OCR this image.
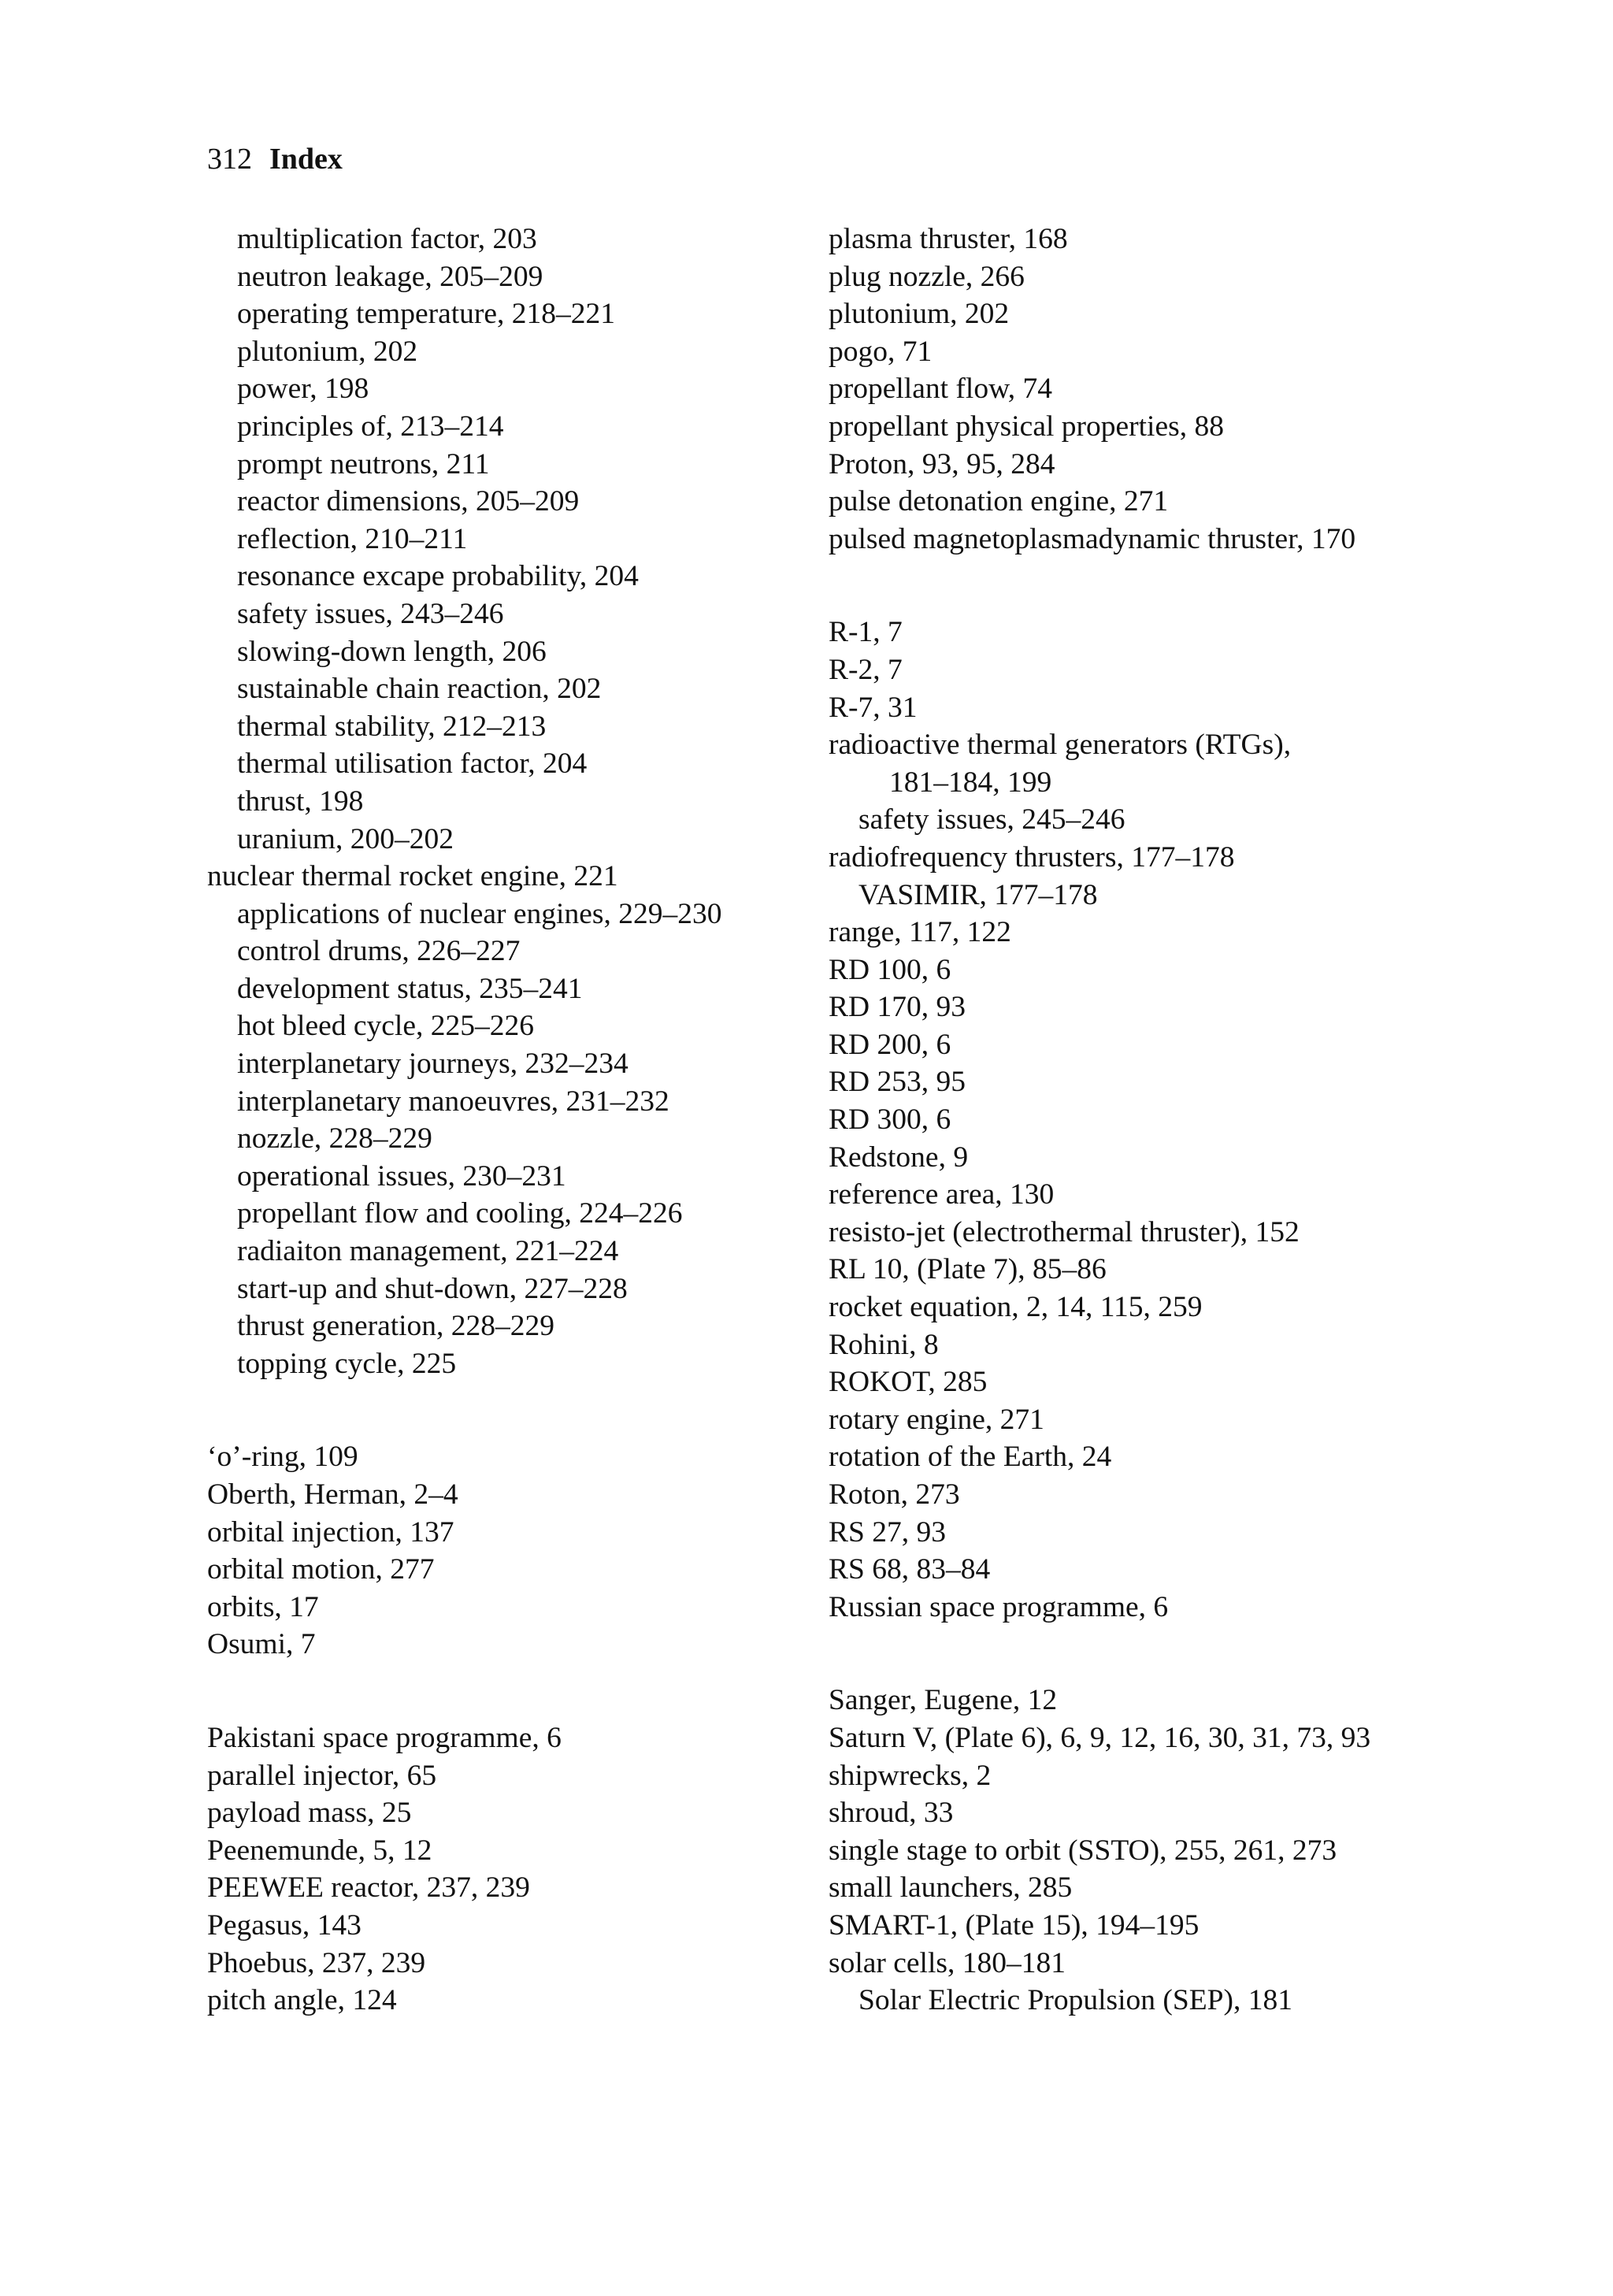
312 Index
multiplication factor, 203
neutron leakage, 205–209
operating temperature, 218–221
plutonium, 202
power, 198
principles of, 213–214
prompt neutrons, 211
reactor dimensions, 205–209
reflection, 210–211
resonance excape probability, 204
safety issues, 243–246
slowing-down length, 206
sustainable chain reaction, 202
thermal stability, 212–213
thermal utilisation factor, 204
thrust, 198
uranium, 200–202
nuclear thermal rocket engine, 221
applications of nuclear engines, 229–230
control drums, 226–227
development status, 235–241
hot bleed cycle, 225–226
interplanetary journeys, 232–234
interplanetary manoeuvres, 231–232
nozzle, 228–229
operational issues, 230–231
propellant flow and cooling, 224–226
radiaiton management, 221–224
start-up and shut-down, 227–228
thrust generation, 228–229
topping cycle, 225
‘o’-ring, 109
Oberth, Herman, 2–4
orbital injection, 137
orbital motion, 277
orbits, 17
Osumi, 7
Pakistani space programme, 6
parallel injector, 65
payload mass, 25
Peenemunde, 5, 12
PEEWEE reactor, 237, 239
Pegasus, 143
Phoebus, 237, 239
pitch angle, 124
plasma thruster, 168
plug nozzle, 266
plutonium, 202
pogo, 71
propellant flow, 74
propellant physical properties, 88
Proton, 93, 95, 284
pulse detonation engine, 271
pulsed magnetoplasmadynamic thruster, 170
R-1, 7
R-2, 7
R-7, 31
radioactive thermal generators (RTGs),
181–184, 199
safety issues, 245–246
radiofrequency thrusters, 177–178
VASIMIR, 177–178
range, 117, 122
RD 100, 6
RD 170, 93
RD 200, 6
RD 253, 95
RD 300, 6
Redstone, 9
reference area, 130
resisto-jet (electrothermal thruster), 152
RL 10, (Plate 7), 85–86
rocket equation, 2, 14, 115, 259
Rohini, 8
ROKOT, 285
rotary engine, 271
rotation of the Earth, 24
Roton, 273
RS 27, 93
RS 68, 83–84
Russian space programme, 6
Sanger, Eugene, 12
Saturn V, (Plate 6), 6, 9, 12, 16, 30, 31, 73, 93
shipwrecks, 2
shroud, 33
single stage to orbit (SSTO), 255, 261, 273
small launchers, 285
SMART-1, (Plate 15), 194–195
solar cells, 180–181
Solar Electric Propulsion (SEP), 181
